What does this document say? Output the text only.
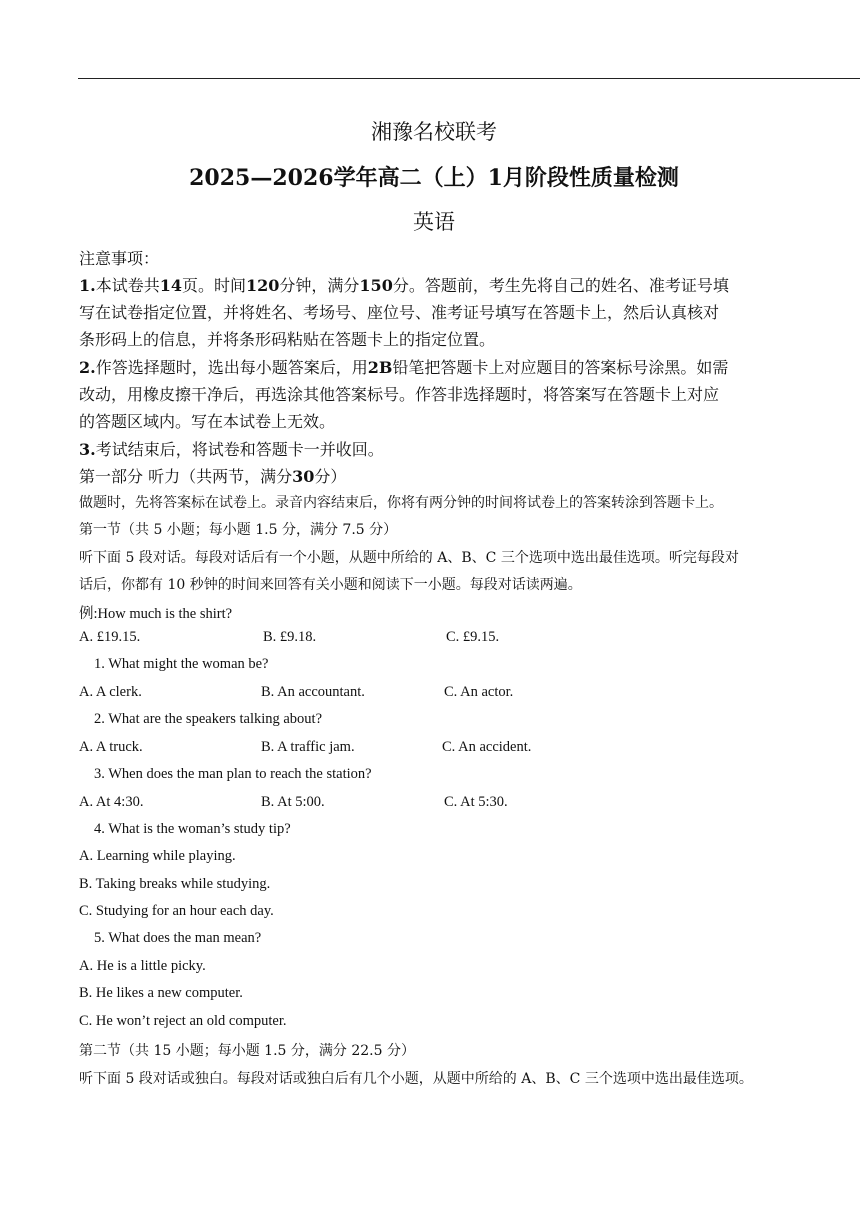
湘豫名校联考
2025—2026学年高二（上）1月阶段性质量检测
英语
注意事项：
1.本试卷共14页。时间120分钟，满分150分。答题前，考生先将自己的姓名、准考证号填
写在试卷指定位置，并将姓名、考场号、座位号、准考证号填写在答题卡上，然后认真核对
条形码上的信息，并将条形码粘贴在答题卡上的指定位置。
2.作答选择题时，选出每小题答案后，用2B铅笔把答题卡上对应题目的答案标号涂黑。如需
改动，用橡皮擦干净后，再选涂其他答案标号。作答非选择题时，将答案写在答题卡上对应
的答题区域内。写在本试卷上无效。
3.考试结束后，将试卷和答题卡一并收回。
第一部分 听力（共两节，满分30分）
做题时，先将答案标在试卷上。录音内容结束后，你将有两分钟的时间将试卷上的答案转涂到答题卡上。
第一节（共 5 小题；每小题 1.5 分，满分 7.5 分）
听下面 5 段对话。每段对话后有一个小题，从题中所给的 A、B、C 三个选项中选出最佳选项。听完每段对
话后，你都有 10 秒钟的时间来回答有关小题和阅读下一小题。每段对话读两遍。
例:How much is the shirt?
A. £19.15.	B. £9.18.	C. £9.15.
1. What might the woman be?
A. A clerk.	B. An accountant.	C. An actor.
2. What are the speakers talking about?
A. A truck.	B. A traffic jam.	C. An accident.
3. When does the man plan to reach the station?
A. At 4:30.	B. At 5:00.	C. At 5:30.
4. What is the woman’s study tip?
A. Learning while playing.
B. Taking breaks while studying.
C. Studying for an hour each day.
5. What does the man mean?
A. He is a little picky.
B. He likes a new computer.
C. He won’t reject an old computer.
第二节（共 15 小题；每小题 1.5 分，满分 22.5 分）
听下面 5 段对话或独白。每段对话或独白后有几个小题，从题中所给的 A、B、C 三个选项中选出最佳选项。
